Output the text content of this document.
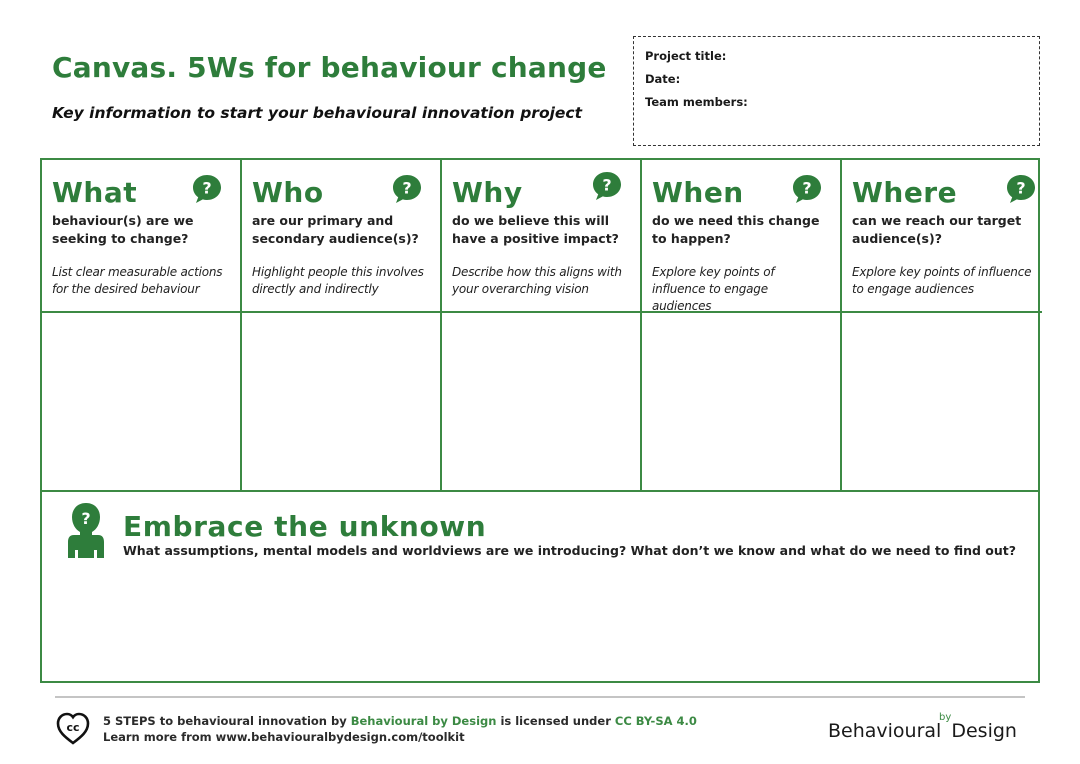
Canvas. 5Ws for behaviour change
Key information to start your behavioural innovation project
Project title:
Date:
Team members:
What
behaviour(s) are we seeking to change?
List clear measurable actions for the desired behaviour
? Who
are our primary and secondary audience(s)?
Highlight people this involves directly and indirectly
? Why
do we believe this will have a positive impact?
Describe how this aligns with your overarching vision
? When
do we need this change to happen?
Explore key points of influence to engage audiences
? Where
can we reach our target audience(s)?
Explore key points of influence to engage audiences
?
? Embrace the unknown
What assumptions, mental models and worldviews are we introducing? What don’t we know and what do we need to find out?
cc 5 STEPS to behavioural innovation by Behavioural by Design is licensed under CC BY-SA 4.0
Learn more from www.behaviouralbydesign.com/toolkit	Behavioural
by
Design
